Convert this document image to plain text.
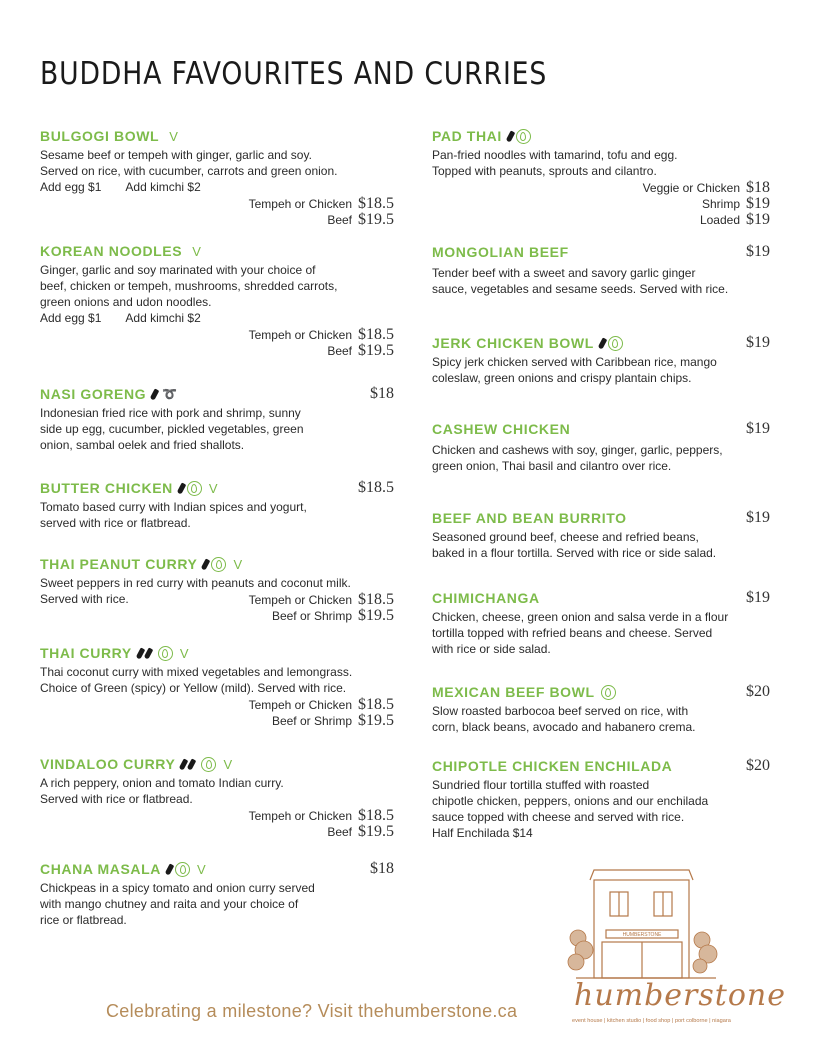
BUDDHA FAVOURITES AND CURRIES
BULGOGI BOWL V
Sesame beef or tempeh with ginger, garlic and soy.
Served on rice, with cucumber, carrots and green onion.
Add egg $1 Add kimchi $2
Tempeh or Chicken $18.5
Beef $19.5
KOREAN NOODLES V
Ginger, garlic and soy marinated with your choice of
beef, chicken or tempeh, mushrooms, shredded carrots,
green onions and udon noodles.
Add egg $1 Add kimchi $2
Tempeh or Chicken $18.5
Beef $19.5
NASI GORENG ➰	$18
Indonesian fried rice with pork and shrimp, sunny
side up egg, cucumber, pickled vegetables, green
onion, sambal oelek and fried shallots.
BUTTER CHICKEN	V	$18.5
Tomato based curry with Indian spices and yogurt,
served with rice or flatbread.
THAI PEANUT CURRY	V
Sweet peppers in red curry with peanuts and coconut milk.
Served with rice.	Tempeh or Chicken $18.5
Beef or Shrimp $19.5
THAI CURRY	V
Thai coconut curry with mixed vegetables and lemongrass.
Choice of Green (spicy) or Yellow (mild). Served with rice.
Tempeh or Chicken $18.5
Beef or Shrimp $19.5
VINDALOO CURRY	V
A rich peppery, onion and tomato Indian curry.
Served with rice or flatbread.
Tempeh or Chicken $18.5
Beef $19.5
CHANA MASALA	V	$18
Chickpeas in a spicy tomato and onion curry served
with mango chutney and raita and your choice of
rice or flatbread.
PAD THAI
Pan-fried noodles with tamarind, tofu and egg.
Topped with peanuts, sprouts and cilantro.
Veggie or Chicken $18
Shrimp $19
Loaded $19
MONGOLIAN BEEF	$19
Tender beef with a sweet and savory garlic ginger
sauce, vegetables and sesame seeds. Served with rice.
JERK CHICKEN BOWL	$19
Spicy jerk chicken served with Caribbean rice, mango
coleslaw, green onions and crispy plantain chips.
CASHEW CHICKEN	$19
Chicken and cashews with soy, ginger, garlic, peppers,
green onion, Thai basil and cilantro over rice.
BEEF AND BEAN BURRITO	$19
Seasoned ground beef, cheese and refried beans,
baked in a flour tortilla. Served with rice or side salad.
CHIMICHANGA	$19
Chicken, cheese, green onion and salsa verde in a flour
tortilla topped with refried beans and cheese. Served
with rice or side salad.
MEXICAN BEEF BOWL	$20
Slow roasted barbocoa beef served on rice, with
corn, black beans, avocado and habanero crema.
CHIPOTLE CHICKEN ENCHILADA	$20
Sundried flour tortilla stuffed with roasted
chipotle chicken, peppers, onions and our enchilada
sauce topped with cheese and served with rice.
Half Enchilada $14
HUMBERSTONE
humberstone
event house | kitchen studio | food shop | port colborne | niagara
Celebrating a milestone? Visit thehumberstone.ca
